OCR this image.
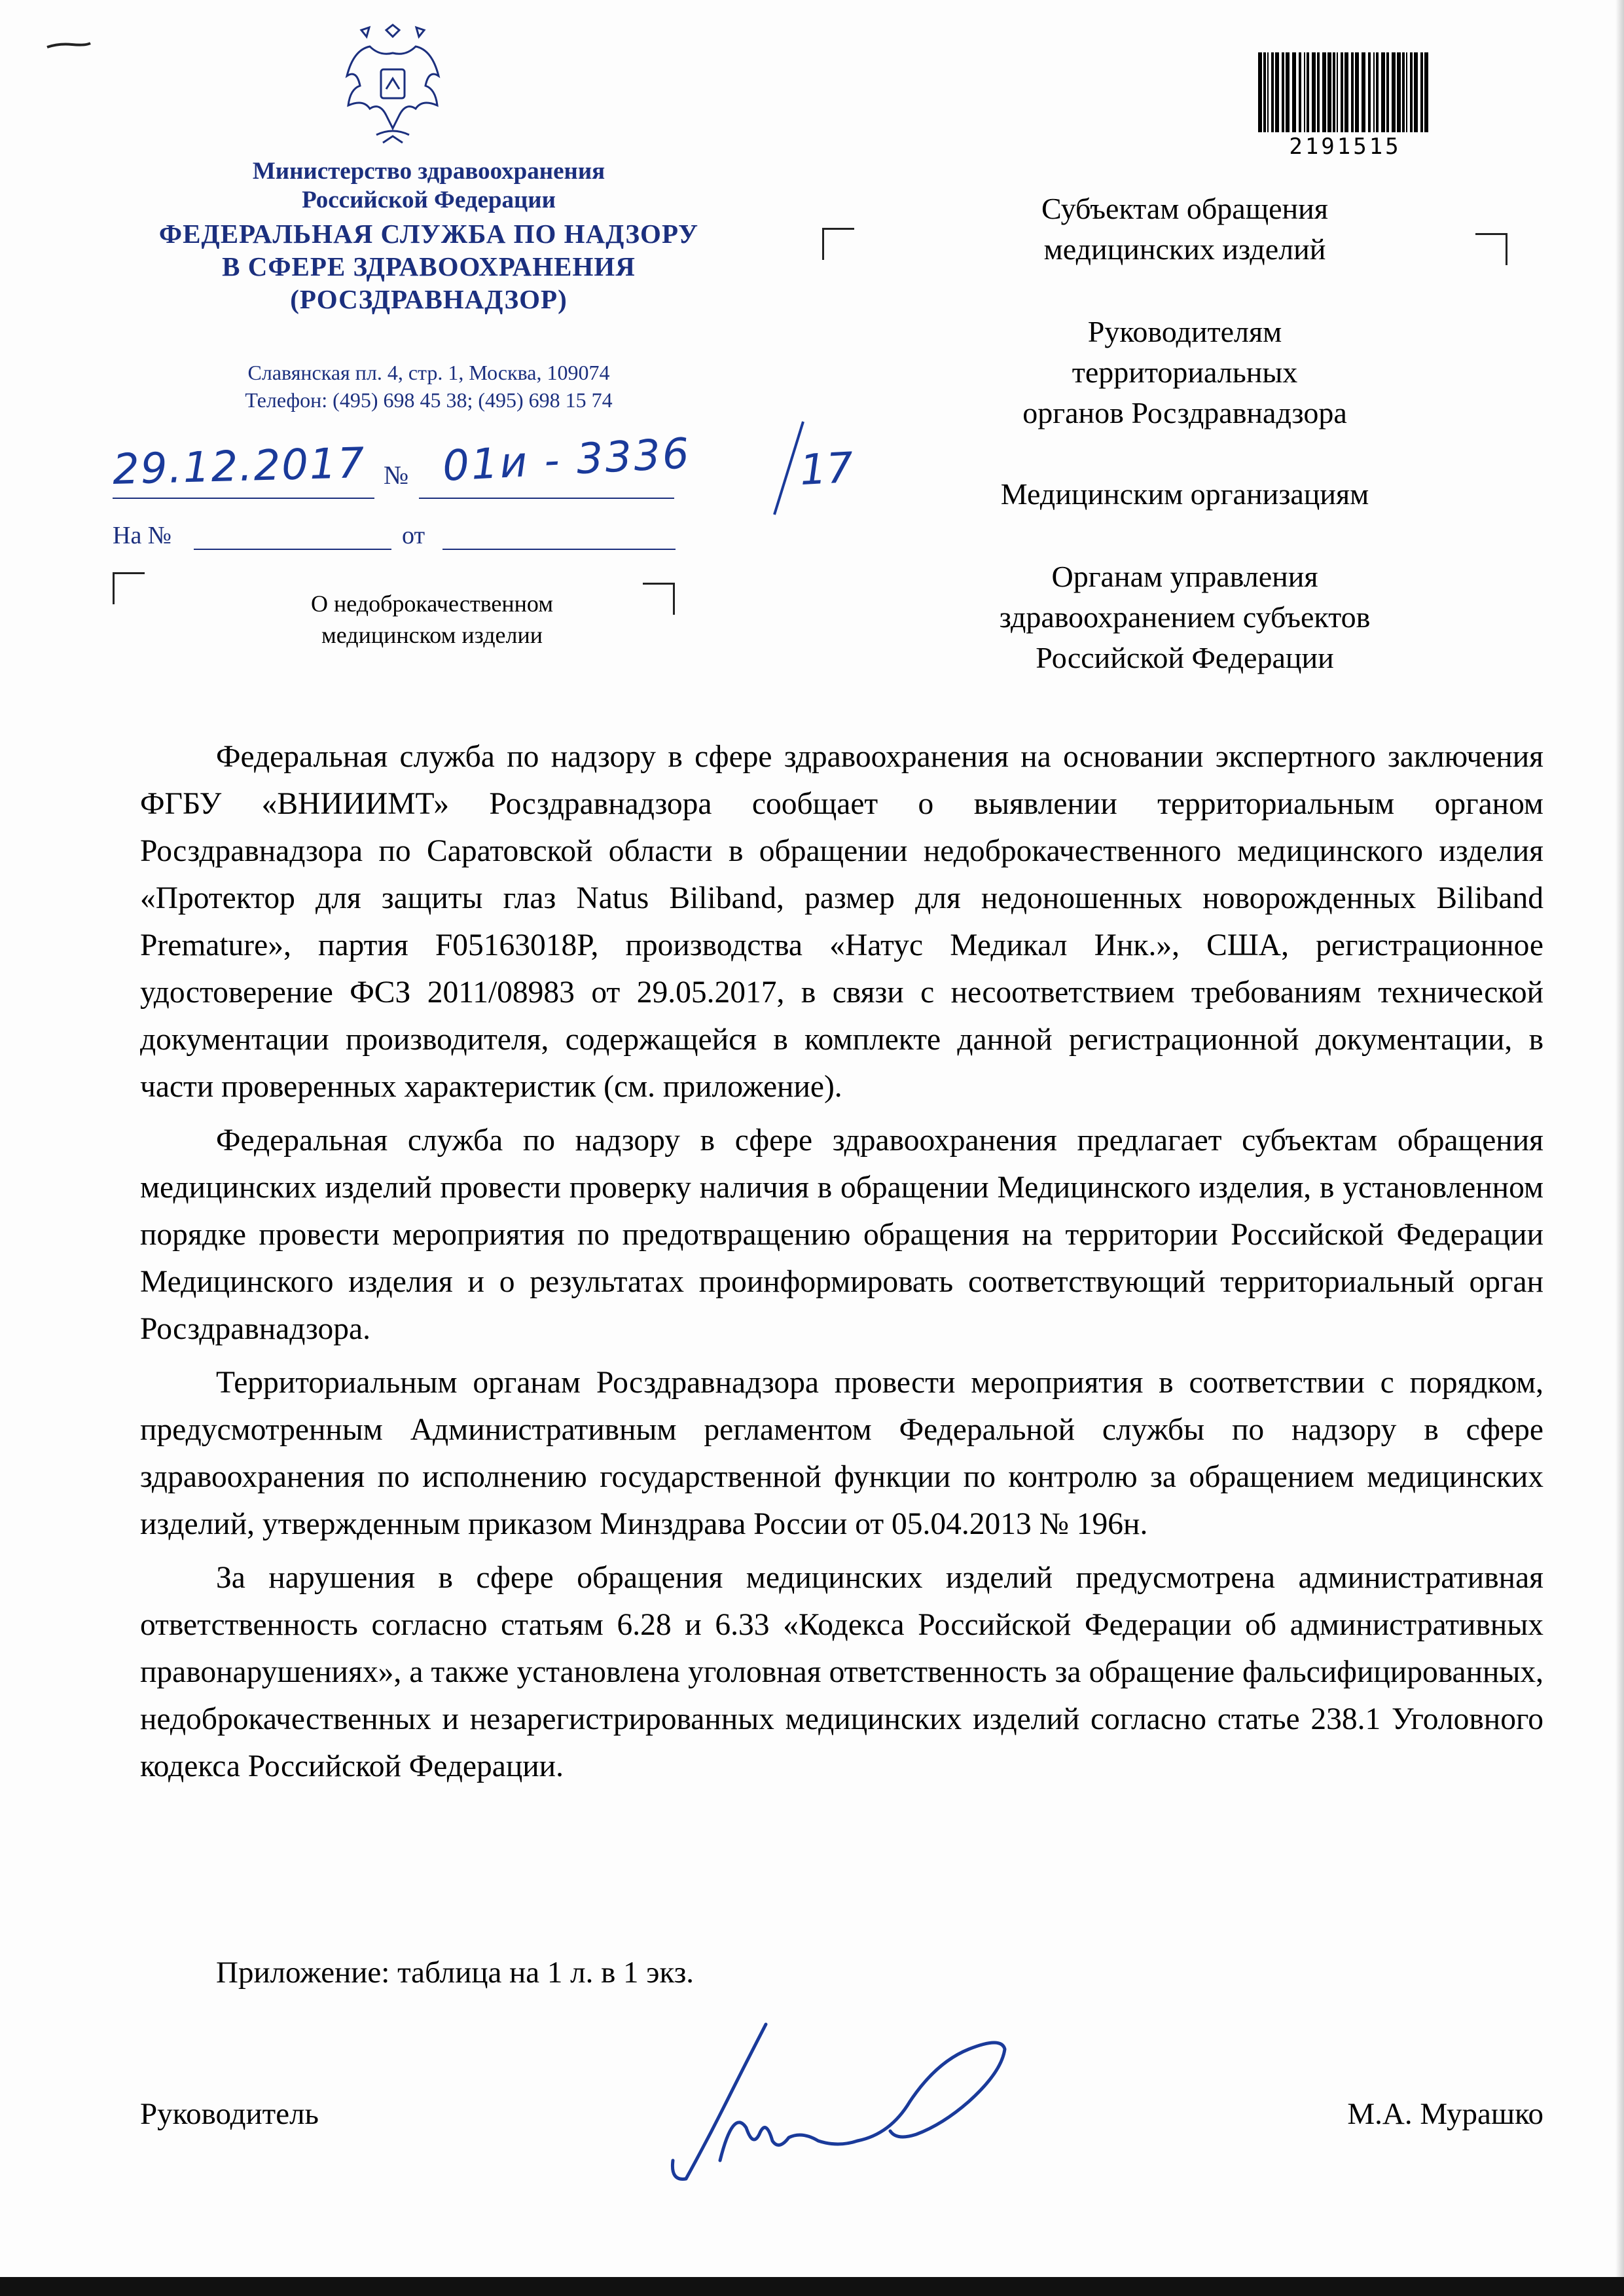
Министерство здравоохранения
Российской Федерации
ФЕДЕРАЛЬНАЯ СЛУЖБА ПО НАДЗОРУ
В СФЕРЕ ЗДРАВООХРАНЕНИЯ
(РОСЗДРАВНАДЗОР)
Славянская пл. 4, стр. 1, Москва, 109074
Телефон: (495) 698 45 38; (495) 698 15 74
29.12.2017 № 01и - 3336	17
На №	от
О недоброкачественном
медицинском изделии
2191515
Субъектам обращения
медицинских изделий
Руководителям
территориальных
органов Росздравнадзора
Медицинским организациям
Органам управления
здравоохранением субъектов
Российской Федерации

Федеральная служба по надзору в сфере здравоохранения на основании экспертного заключения ФГБУ «ВНИИИМТ» Росздравнадзора сообщает о выявлении территориальным органом Росздравнадзора по Саратовской области в обращении недоброкачественного медицинского изделия «Протектор для защиты глаз Natus Biliband, размер для недоношенных новорожденных Biliband Premature», партия F05163018P, производства «Натус Медикал Инк.», США, регистрационное удостоверение ФСЗ 2011/08983 от 29.05.2017, в связи с несоответствием требованиям технической документации производителя, содержащейся в комплекте данной регистрационной документации, в части проверенных характеристик (см. приложение).

Федеральная служба по надзору в сфере здравоохранения предлагает субъектам обращения медицинских изделий провести проверку наличия в обращении Медицинского изделия, в установленном порядке провести мероприятия по предотвращению обращения на территории Российской Федерации Медицинского изделия и о результатах проинформировать соответствующий территориальный орган Росздравнадзора.

Территориальным органам Росздравнадзора провести мероприятия в соответствии с порядком, предусмотренным Административным регламентом Федеральной службы по надзору в сфере здравоохранения по исполнению государственной функции по контролю за обращением медицинских изделий, утвержденным приказом Минздрава России от 05.04.2013 № 196н.

За нарушения в сфере обращения медицинских изделий предусмотрена административная ответственность согласно статьям 6.28 и 6.33 «Кодекса Российской Федерации об административных правонарушениях», а также установлена уголовная ответственность за обращение фальсифицированных, недоброкачественных и незарегистрированных медицинских изделий согласно статье 238.1 Уголовного кодекса Российской Федерации.

Приложение: таблица на 1 л. в 1 экз.
Руководитель	М.А. Мурашко
